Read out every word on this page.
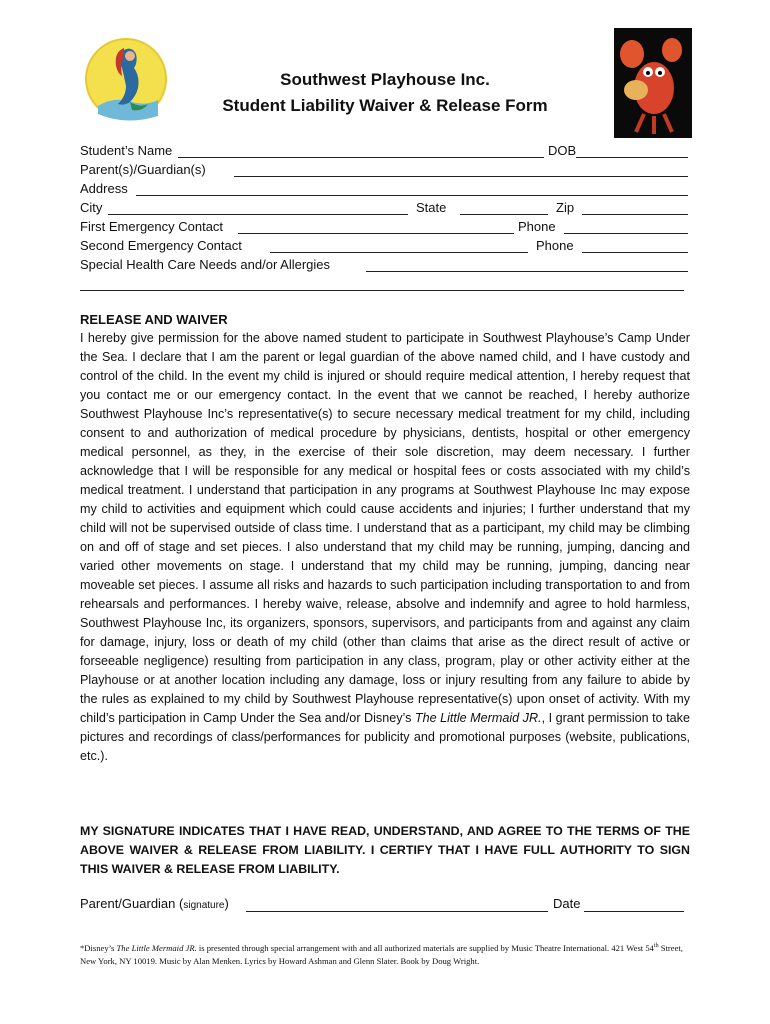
Southwest Playhouse Inc.
Student Liability Waiver & Release Form
Student’s Name	DOB
Parent(s)/Guardian(s)
Address
City	State	Zip
First Emergency Contact	Phone
Second Emergency Contact	Phone
Special Health Care Needs and/or Allergies
RELEASE AND WAIVER

I hereby give permission for the above named student to participate in Southwest Playhouse’s Camp Under the Sea. I declare that I am the parent or legal guardian of the above named child, and I have custody and control of the child. In the event my child is injured or should require medical attention, I hereby request that you contact me or our emergency contact. In the event that we cannot be reached, I hereby authorize Southwest Playhouse Inc’s representative(s) to secure necessary medical treatment for my child, including consent to and authorization of medical procedure by physicians, dentists, hospital or other emergency medical personnel, as they, in the exercise of their sole discretion, may deem necessary. I further acknowledge that I will be responsible for any medical or hospital fees or costs associated with my child’s medical treatment. I understand that participation in any programs at Southwest Playhouse Inc may expose my child to activities and equipment which could cause accidents and injuries; I further understand that my child will not be supervised outside of class time. I understand that as a participant, my child may be climbing on and off of stage and set pieces. I also understand that my child may be running, jumping, dancing and varied other movements on stage. I understand that my child may be running, jumping, dancing near moveable set pieces. I assume all risks and hazards to such participation including transportation to and from rehearsals and performances. I hereby waive, release, absolve and indemnify and agree to hold harmless, Southwest Playhouse Inc, its organizers, sponsors, supervisors, and participants from and against any claim for damage, injury, loss or death of my child (other than claims that arise as the direct result of active or forseeable negligence) resulting from participation in any class, program, play or other activity either at the Playhouse or at another location including any damage, loss or injury resulting from any failure to abide by the rules as explained to my child by Southwest Playhouse representative(s) upon onset of activity. With my child’s participation in Camp Under the Sea and/or Disney’s The Little Mermaid JR., I grant permission to take pictures and recordings of class/performances for publicity and promotional purposes (website, publications, etc.).

MY SIGNATURE INDICATES THAT I HAVE READ, UNDERSTAND, AND AGREE TO THE TERMS OF THE ABOVE WAIVER & RELEASE FROM LIABILITY. I CERTIFY THAT I HAVE FULL AUTHORITY TO SIGN THIS WAIVER & RELEASE FROM LIABILITY.

Parent/Guardian (signature)	Date

*Disney’s The Little Mermaid JR. is presented through special arrangement with and all authorized materials are supplied by Music Theatre International. 421 West 54th Street, New York, NY 10019. Music by Alan Menken. Lyrics by Howard Ashman and Glenn Slater. Book by Doug Wright.
